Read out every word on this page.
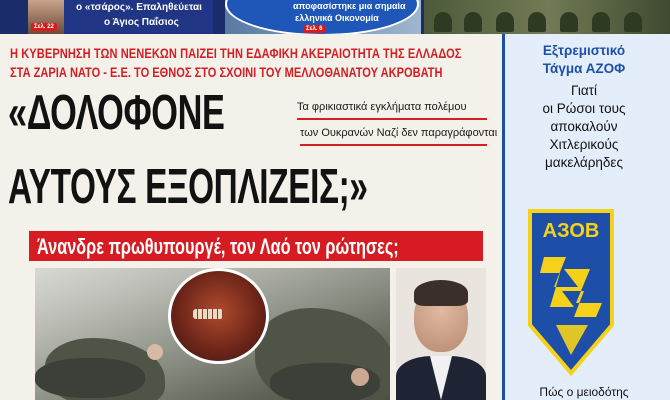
Σελ. 22
ο «τσάρος». Επαληθεύεται
ο Άγιος Παΐσιος
αποφασίστηκε μια σημαία
ελληνικά Οικονομία
Σελ. 6
Η ΚΥΒΕΡΝΗΣΗ ΤΩΝ ΝΕΝΕΚΩΝ ΠΑΙΖΕΙ ΤΗΝ ΕΔΑΦΙΚΗ ΑΚΕΡΑΙΟΤΗΤΑ ΤΗΣ ΕΛΛΑΔΟΣ
ΣΤΑ ΖΑΡΙΑ ΝΑΤΟ - Ε.Ε. ΤΟ ΕΘΝΟΣ ΣΤΟ ΣΧΟΙΝΙ ΤΟΥ ΜΕΛΛΟΘΑΝΑΤΟΥ ΑΚΡΟΒΑΤΗ
«ΔΟΛΟΦΟΝΕ
ΑΥΤΟΥΣ ΕΞΟΠΛΙΖΕΙΣ;»
Τα φρικιαστικά εγκλήματα πολέμου
των Ουκρανών Ναζί δεν παραγράφονται
Άνανδρε πρωθυπουργέ, τον Λαό τον ρώτησες;
Εξτρεμιστικό
Τάγμα ΑΖΟΦ
Γιατί
οι Ρώσοι τους
αποκαλούν
Χιτλερικούς
μακελάρηδες
АЗОВ
Πώς ο μειοδότης
